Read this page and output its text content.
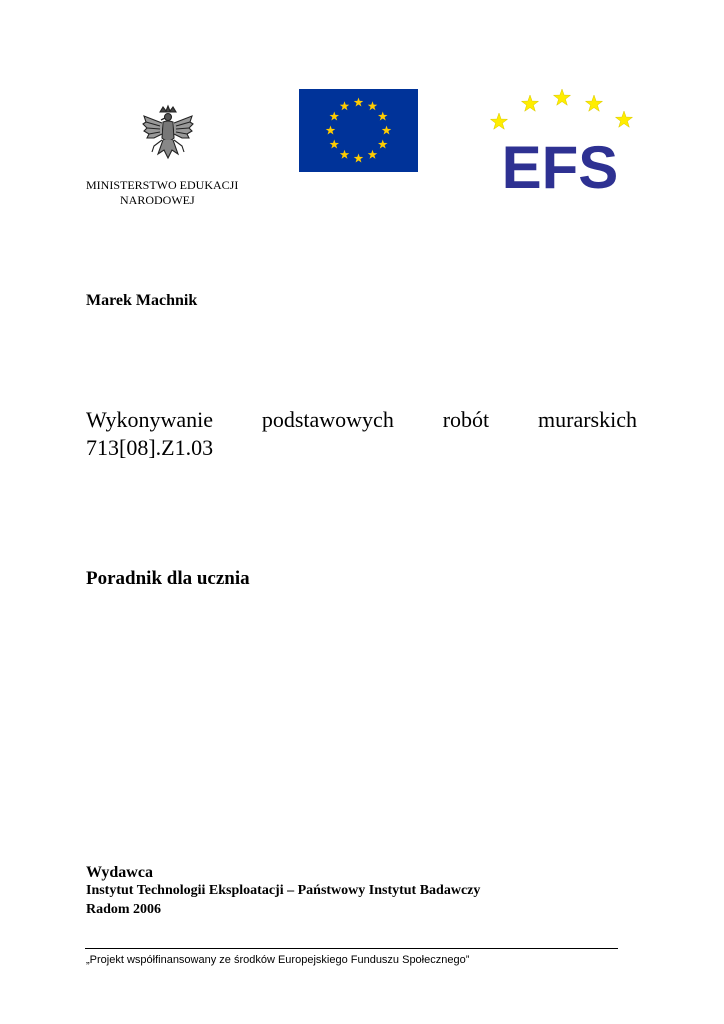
MINISTERSTWO EDUKACJI
NARODOWEJ	EFS
Marek Machnik
Wykonywanie podstawowych robót murarskich
713[08].Z1.03
Poradnik dla ucznia
Wydawca
Instytut Technologii Eksploatacji – Państwowy Instytut Badawczy
Radom 2006
„Projekt współfinansowany ze środków Europejskiego Funduszu Społecznego”
